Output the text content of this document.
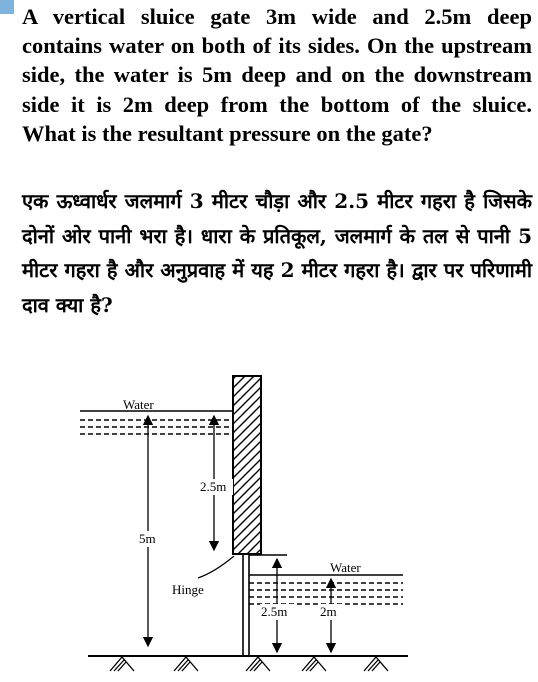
A vertical sluice gate 3m wide and 2.5m deep contains water on both of its sides. On the upstream side, the water is 5m deep and on the downstream side it is 2m deep from the bottom of the sluice. What is the resultant pressure on the gate?
एक ऊध्वार्धर जलमार्ग 3 मीटर चौड़ा और 2.5 मीटर गहरा है जिसके दोनों ओर पानी भरा है। धारा के प्रतिकूल, जलमार्ग के तल से पानी 5 मीटर गहरा है और अनुप्रवाह में यह 2 मीटर गहरा है। द्वार पर परिणामी दाव क्या है?
Water
Hinge
2.5m
5m
Water
2.5m	2m
